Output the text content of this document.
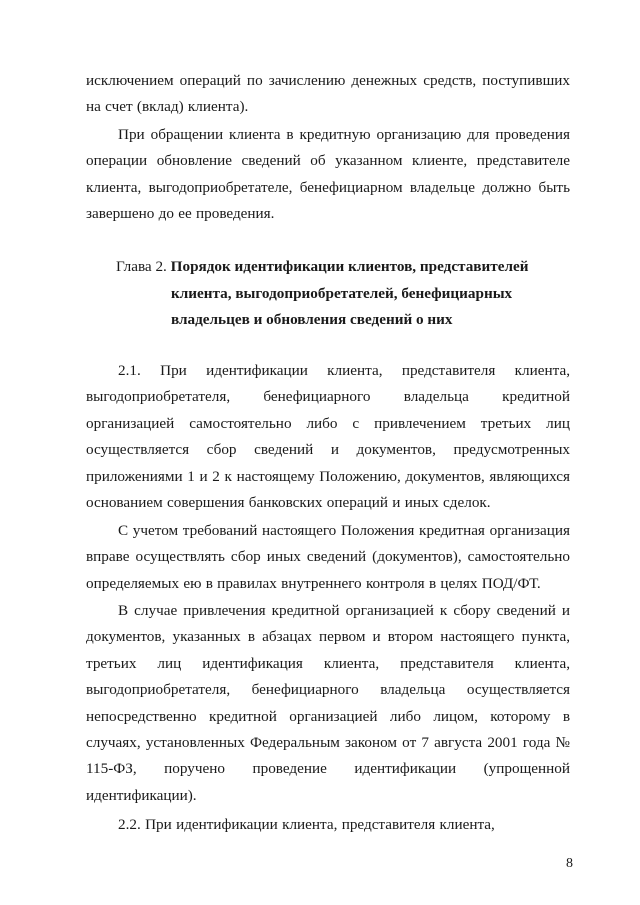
исключением операций по зачислению денежных средств, поступивших на счет (вклад) клиента).
При обращении клиента в кредитную организацию для проведения операции обновление сведений об указанном клиенте, представителе клиента, выгодоприобретателе, бенефициарном владельце должно быть завершено до ее проведения.
Глава 2. Порядок идентификации клиентов, представителей
клиента, выгодоприобретателей, бенефициарных
владельцев и обновления сведений о них
2.1. При идентификации клиента, представителя клиента, выгодоприобретателя, бенефициарного владельца кредитной организацией самостоятельно либо с привлечением третьих лиц осуществляется сбор сведений и документов, предусмотренных приложениями 1 и 2 к настоящему Положению, документов, являющихся основанием совершения банковских операций и иных сделок.
С учетом требований настоящего Положения кредитная организация вправе осуществлять сбор иных сведений (документов), самостоятельно определяемых ею в правилах внутреннего контроля в целях ПОД/ФТ.
В случае привлечения кредитной организацией к сбору сведений и документов, указанных в абзацах первом и втором настоящего пункта, третьих лиц идентификация клиента, представителя клиента, выгодоприобретателя, бенефициарного владельца осуществляется непосредственно кредитной организацией либо лицом, которому в случаях, установленных Федеральным законом от 7 августа 2001 года № 115-ФЗ, поручено проведение идентификации (упрощенной идентификации).
2.2. При идентификации клиента, представителя клиента,
8
